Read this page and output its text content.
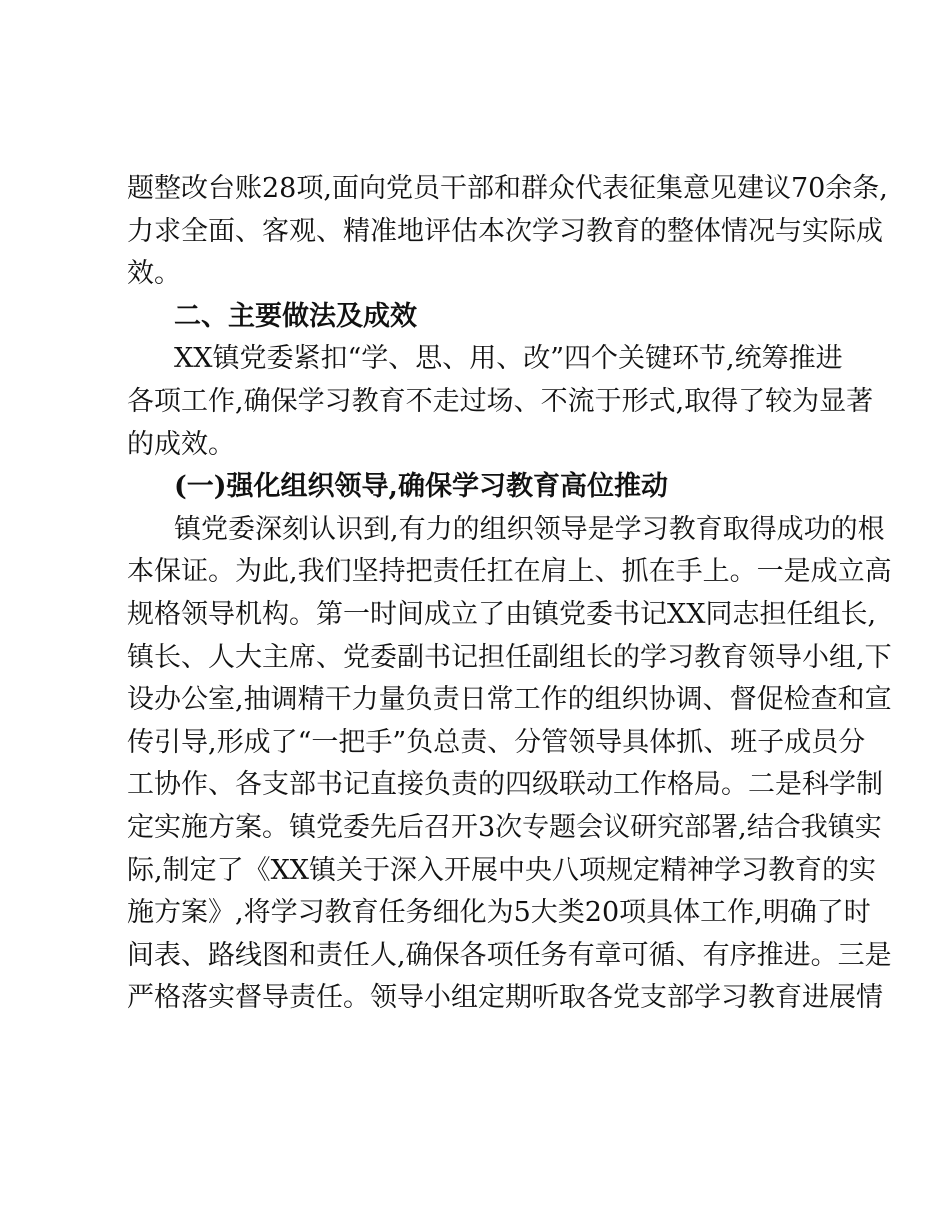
题整改台账28项,面向党员干部和群众代表征集意见建议70余条,
力求全面、客观、精准地评估本次学习教育的整体情况与实际成
效。
二、主要做法及成效
XX镇党委紧扣“学、思、用、改”四个关键环节,统筹推进
各项工作,确保学习教育不走过场、不流于形式,取得了较为显著
的成效。
(一)强化组织领导,确保学习教育高位推动
镇党委深刻认识到,有力的组织领导是学习教育取得成功的根
本保证。为此,我们坚持把责任扛在肩上、抓在手上。一是成立高
规格领导机构。第一时间成立了由镇党委书记XX同志担任组长,
镇长、人大主席、党委副书记担任副组长的学习教育领导小组,下
设办公室,抽调精干力量负责日常工作的组织协调、督促检查和宣
传引导,形成了“一把手”负总责、分管领导具体抓、班子成员分
工协作、各支部书记直接负责的四级联动工作格局。二是科学制
定实施方案。镇党委先后召开3次专题会议研究部署,结合我镇实
际,制定了《XX镇关于深入开展中央八项规定精神学习教育的实
施方案》,将学习教育任务细化为5大类20项具体工作,明确了时
间表、路线图和责任人,确保各项任务有章可循、有序推进。三是
严格落实督导责任。领导小组定期听取各党支部学习教育进展情
